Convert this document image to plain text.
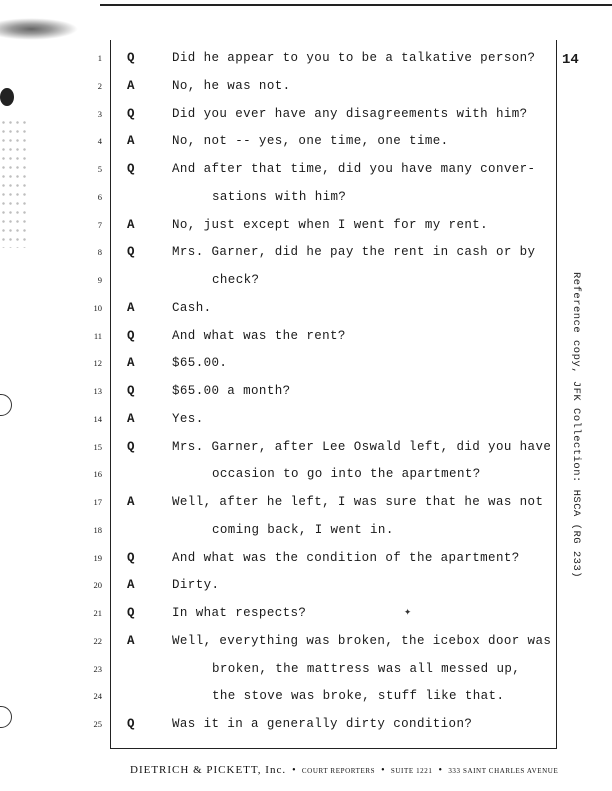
14
1 Q	Did he appear to you to be a talkative person?
2 A	No, he was not.
3 Q	Did you ever have any disagreements with him?
4 A	No, not -- yes, one time, one time.
5 Q	And after that time, did you have many conver-
6	sations with him?
7 A	No, just except when I went for my rent.
8 Q	Mrs. Garner, did he pay the rent in cash or by
9	check?
10 A	Cash.
11 Q	And what was the rent?
12 A	$65.00.
13 Q	$65.00 a month?
14 A	Yes.
15 Q	Mrs. Garner, after Lee Oswald left, did you have
16	occasion to go into the apartment?
17 A	Well, after he left, I was sure that he was not
18	coming back, I went in.
19 Q	And what was the condition of the apartment?
20 A	Dirty.
21 Q	In what respects?
22 A	Well, everything was broken, the icebox door was
23	broken, the mattress was all messed up,
24	the stove was broke, stuff like that.
25 Q	Was it in a generally dirty condition?
Reference copy, JFK Collection: HSCA (RG 233)
✦
DIETRICH & PICKETT, Inc. • COURT REPORTERS • SUITE 1221 • 333 SAINT CHARLES AVENUE
